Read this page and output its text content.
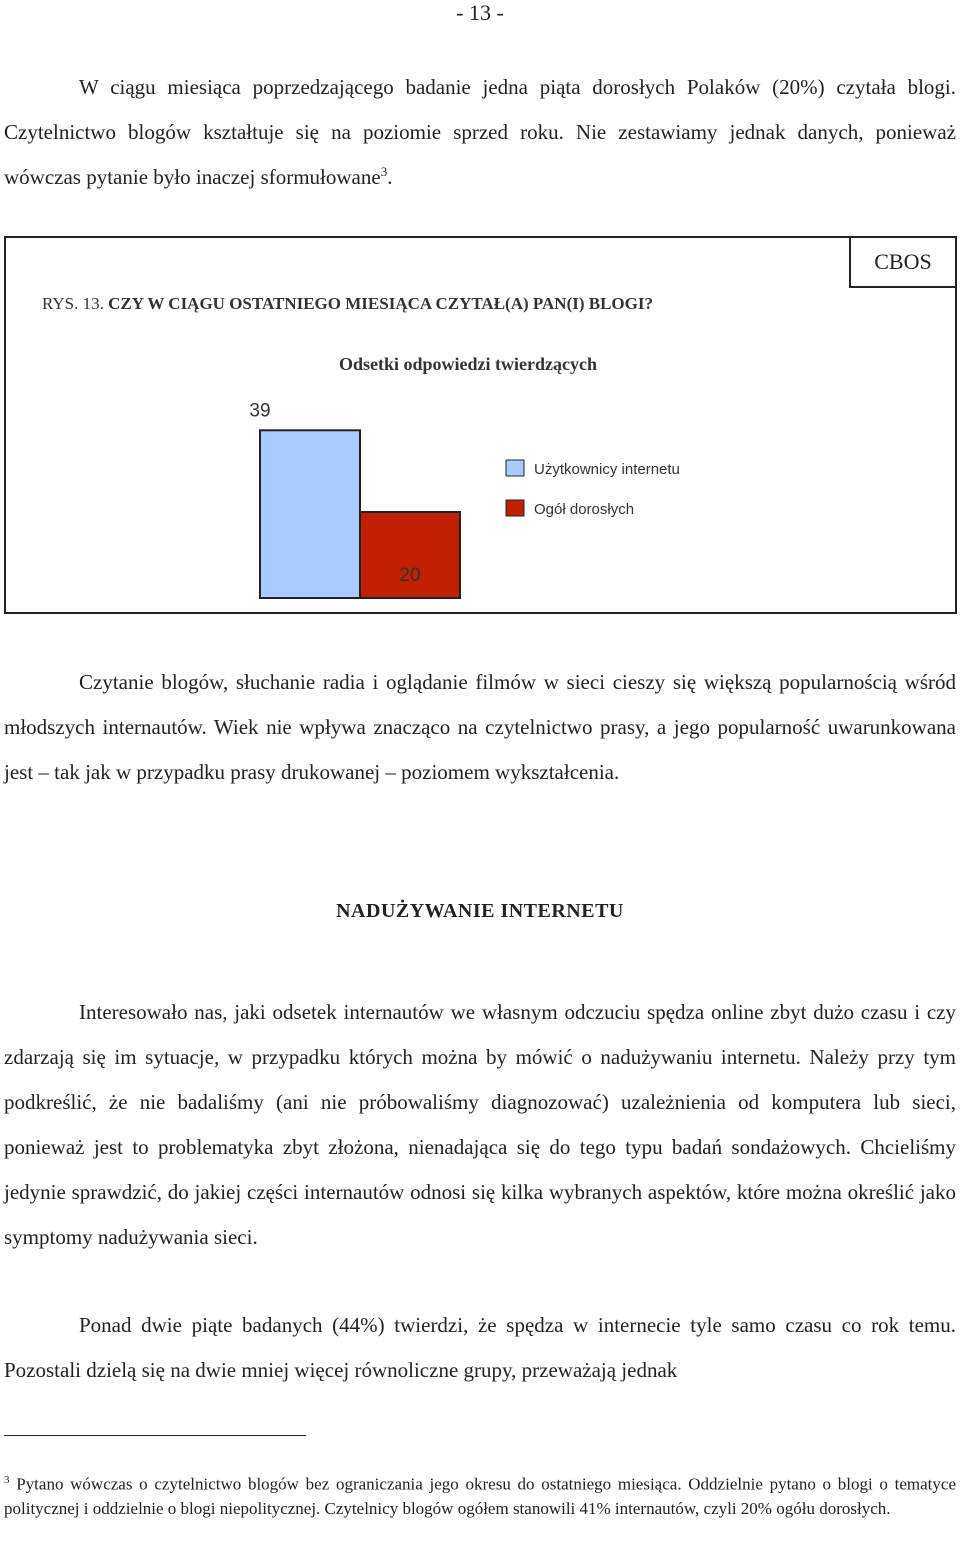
- 13 -

W ciągu miesiąca poprzedzającego badanie jedna piąta dorosłych Polaków (20%) czytała blogi. Czytelnictwo blogów kształtuje się na poziomie sprzed roku. Nie zestawiamy jednak danych, ponieważ wówczas pytanie było inaczej sformułowane$^3$.

RYS. 13. CZY W CIĄGU OSTATNIEGO MIESIĄCA CZYTAŁ(A) PAN(I) BLOGI?
CBOS
Odsetki odpowiedzi twierdzących
39
20
Użytkownicy internetu
Ogół dorosłych

Czytanie blogów, słuchanie radia i oglądanie filmów w sieci cieszy się większą popularnością wśród młodszych internautów. Wiek nie wpływa znacząco na czytelnictwo prasy, a jego popularność uwarunkowana jest – tak jak w przypadku prasy drukowanej – poziomem wykształcenia.

NADUŻYWANIE INTERNETU

Interesowało nas, jaki odsetek internautów we własnym odczuciu spędza online zbyt dużo czasu i czy zdarzają się im sytuacje, w przypadku których można by mówić o nadużywaniu internetu. Należy przy tym podkreślić, że nie badaliśmy (ani nie próbowaliśmy diagnozować) uzależnienia od komputera lub sieci, ponieważ jest to problematyka zbyt złożona, nienadająca się do tego typu badań sondażowych. Chcieliśmy jedynie sprawdzić, do jakiej części internautów odnosi się kilka wybranych aspektów, które można określić jako symptomy nadużywania sieci.

Ponad dwie piąte badanych (44%) twierdzi, że spędza w internecie tyle samo czasu co rok temu. Pozostali dzielą się na dwie mniej więcej równoliczne grupy, przeważają jednak

$^3$ Pytano wówczas o czytelnictwo blogów bez ograniczania jego okresu do ostatniego miesiąca. Oddzielnie pytano o blogi o tematyce politycznej i oddzielnie o blogi niepolitycznej. Czytelnicy blogów ogółem stanowili 41% internautów, czyli 20% ogółu dorosłych.
